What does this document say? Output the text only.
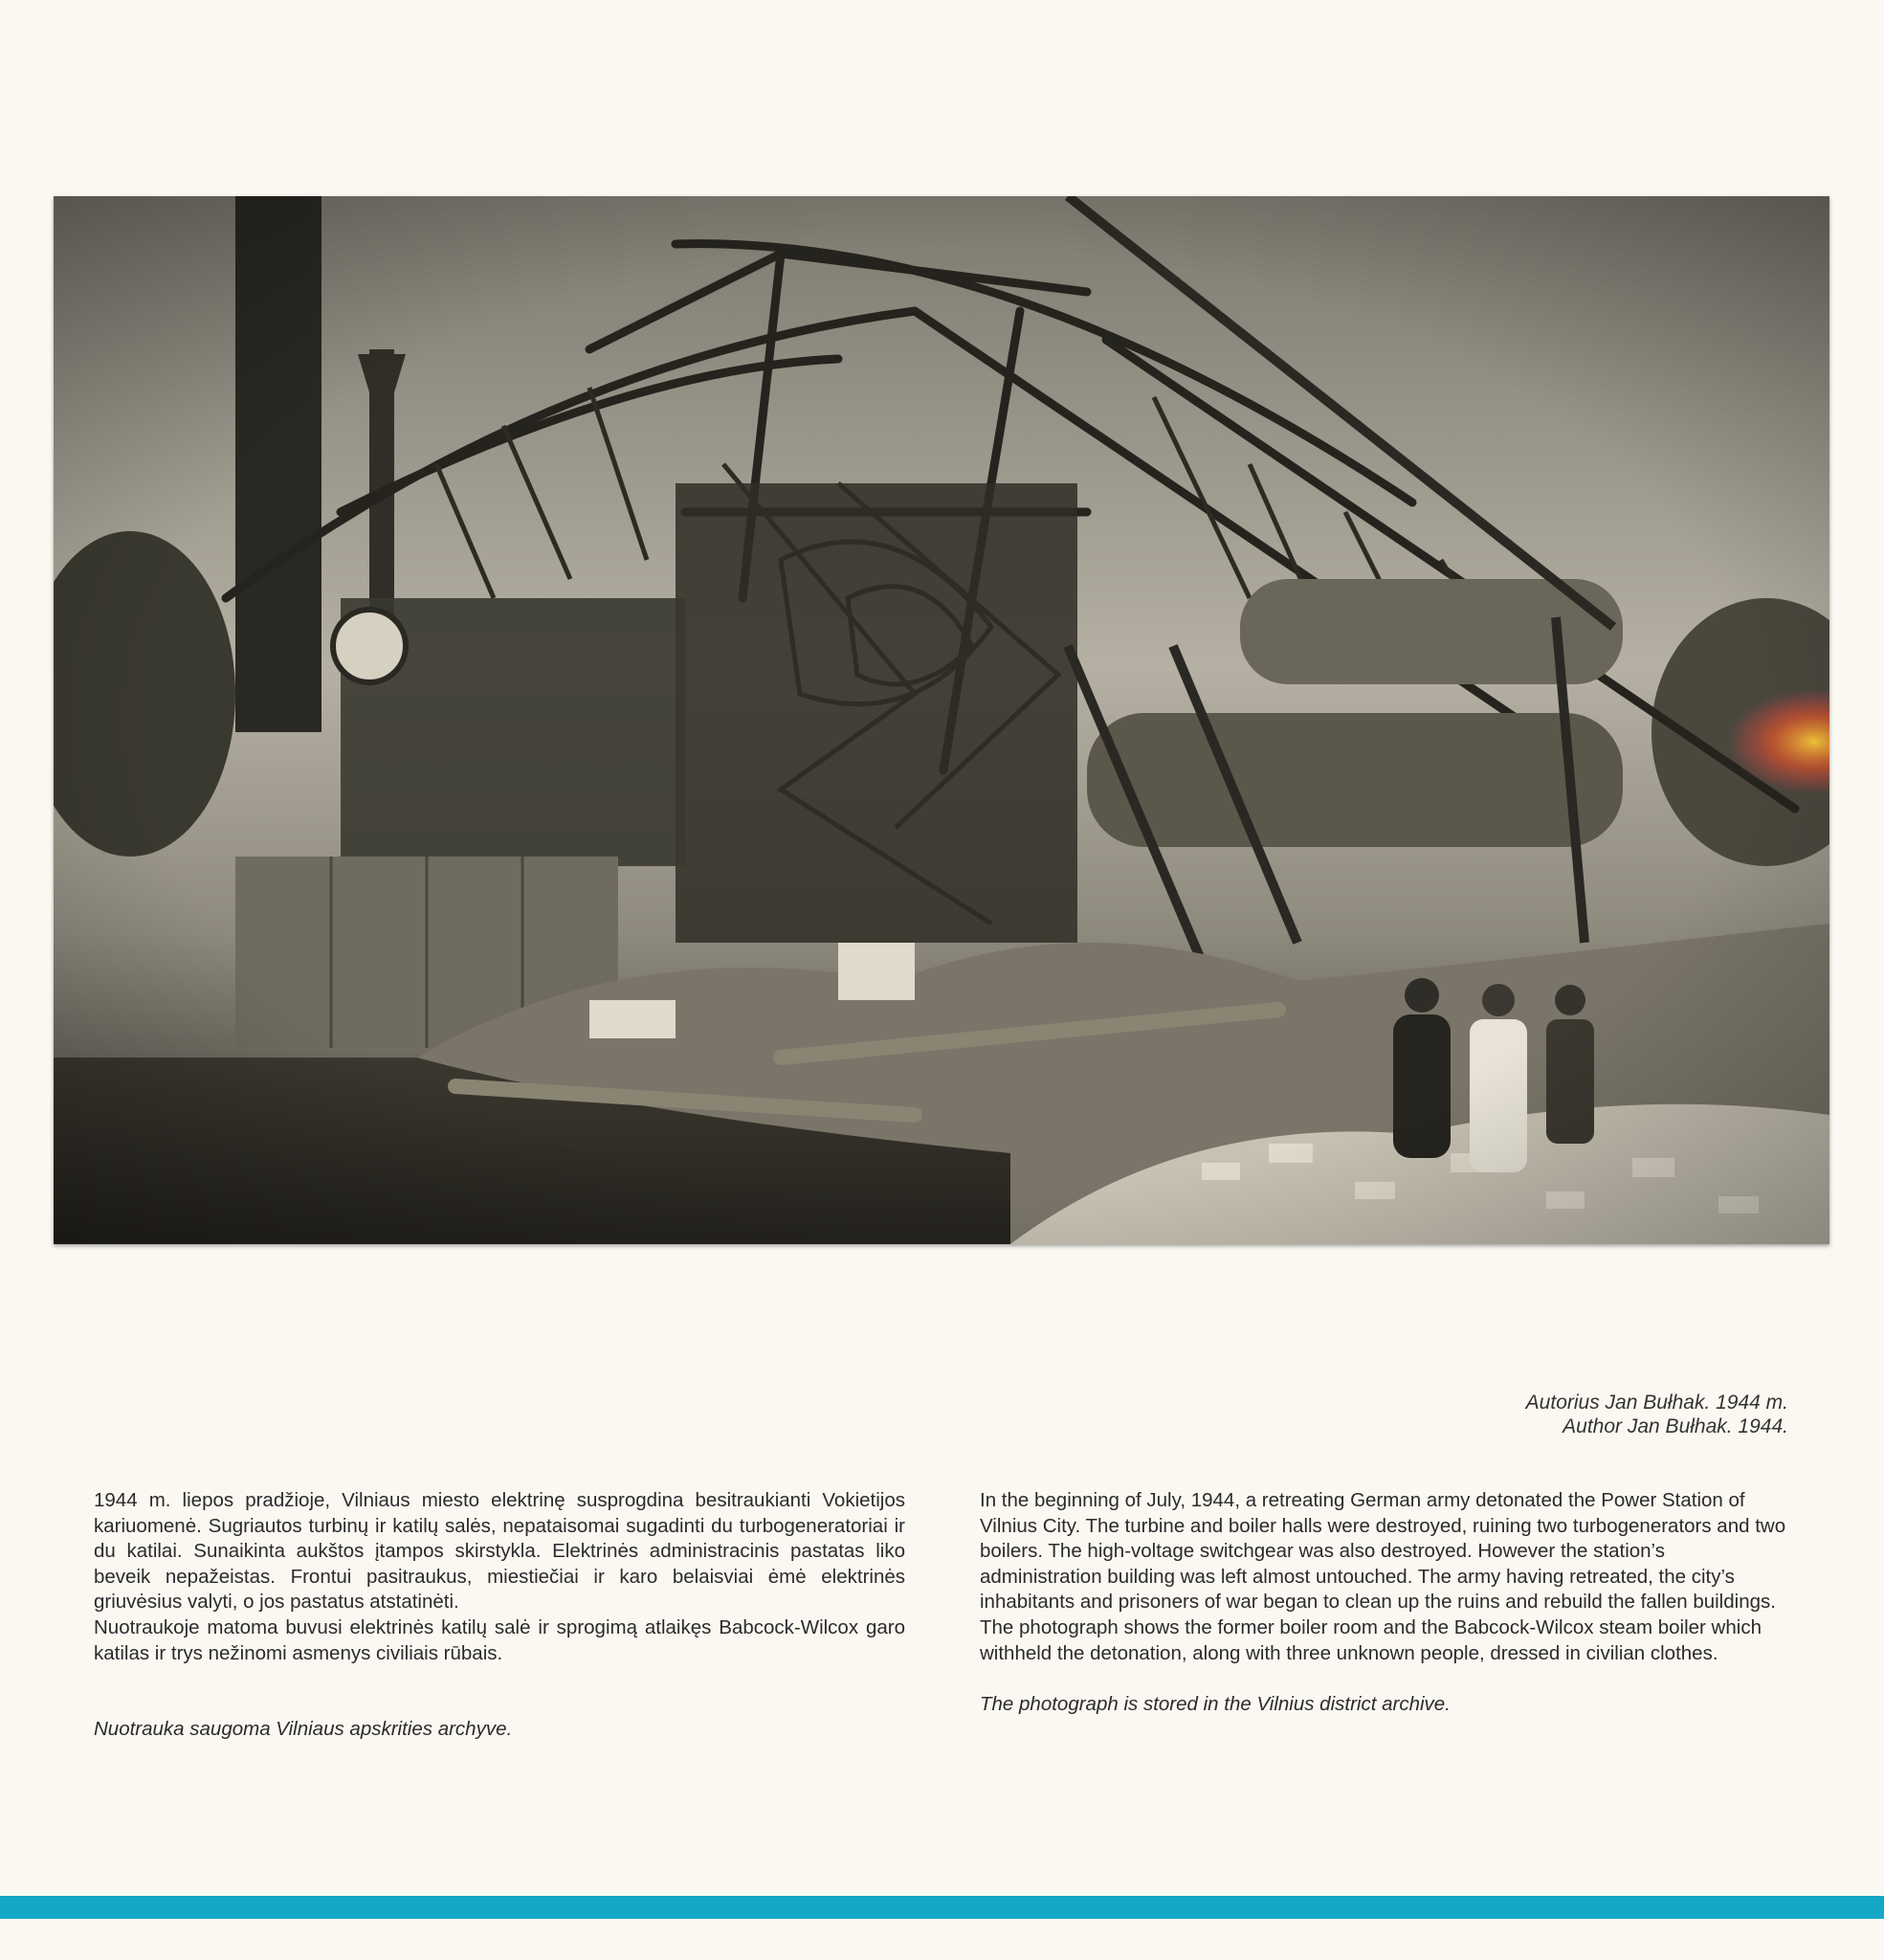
Autorius Jan Bułhak. 1944 m.
Author Jan Bułhak. 1944.

1944 m. liepos pradžioje, Vilniaus miesto elektrinę susprogdina besitraukianti Vokietijos kariuomenė. Sugriautos turbinų ir katilų salės, nepataisomai sugadinti du turbogeneratoriai ir du katilai. Sunaikinta aukštos įtampos skirstykla. Elektrinės administracinis pastatas liko beveik nepažeistas. Frontui pasitraukus, miestiečiai ir karo belaisviai ėmė elektrinės griuvėsius valyti, o jos pastatus atstatinėti.

Nuotraukoje matoma buvusi elektrinės katilų salė ir sprogimą atlaikęs Babcock-Wilcox garo katilas ir trys nežinomi asmenys civiliais rūbais.

Nuotrauka saugoma Vilniaus apskrities archyve.

In the beginning of July, 1944, a retreating German army detonated the Power Station of Vilnius City. The turbine and boiler halls were destroyed, ruining two turbogenerators and two boilers. The high-voltage switchgear was also destroyed. However the station’s administration building was left almost untouched. The army having retreated, the city’s inhabitants and prisoners of war began to clean up the ruins and rebuild the fallen buildings.

The photograph shows the former boiler room and the Babcock-Wilcox steam boiler which withheld the detonation, along with three unknown people, dressed in civilian clothes.

The photograph is stored in the Vilnius district archive.
